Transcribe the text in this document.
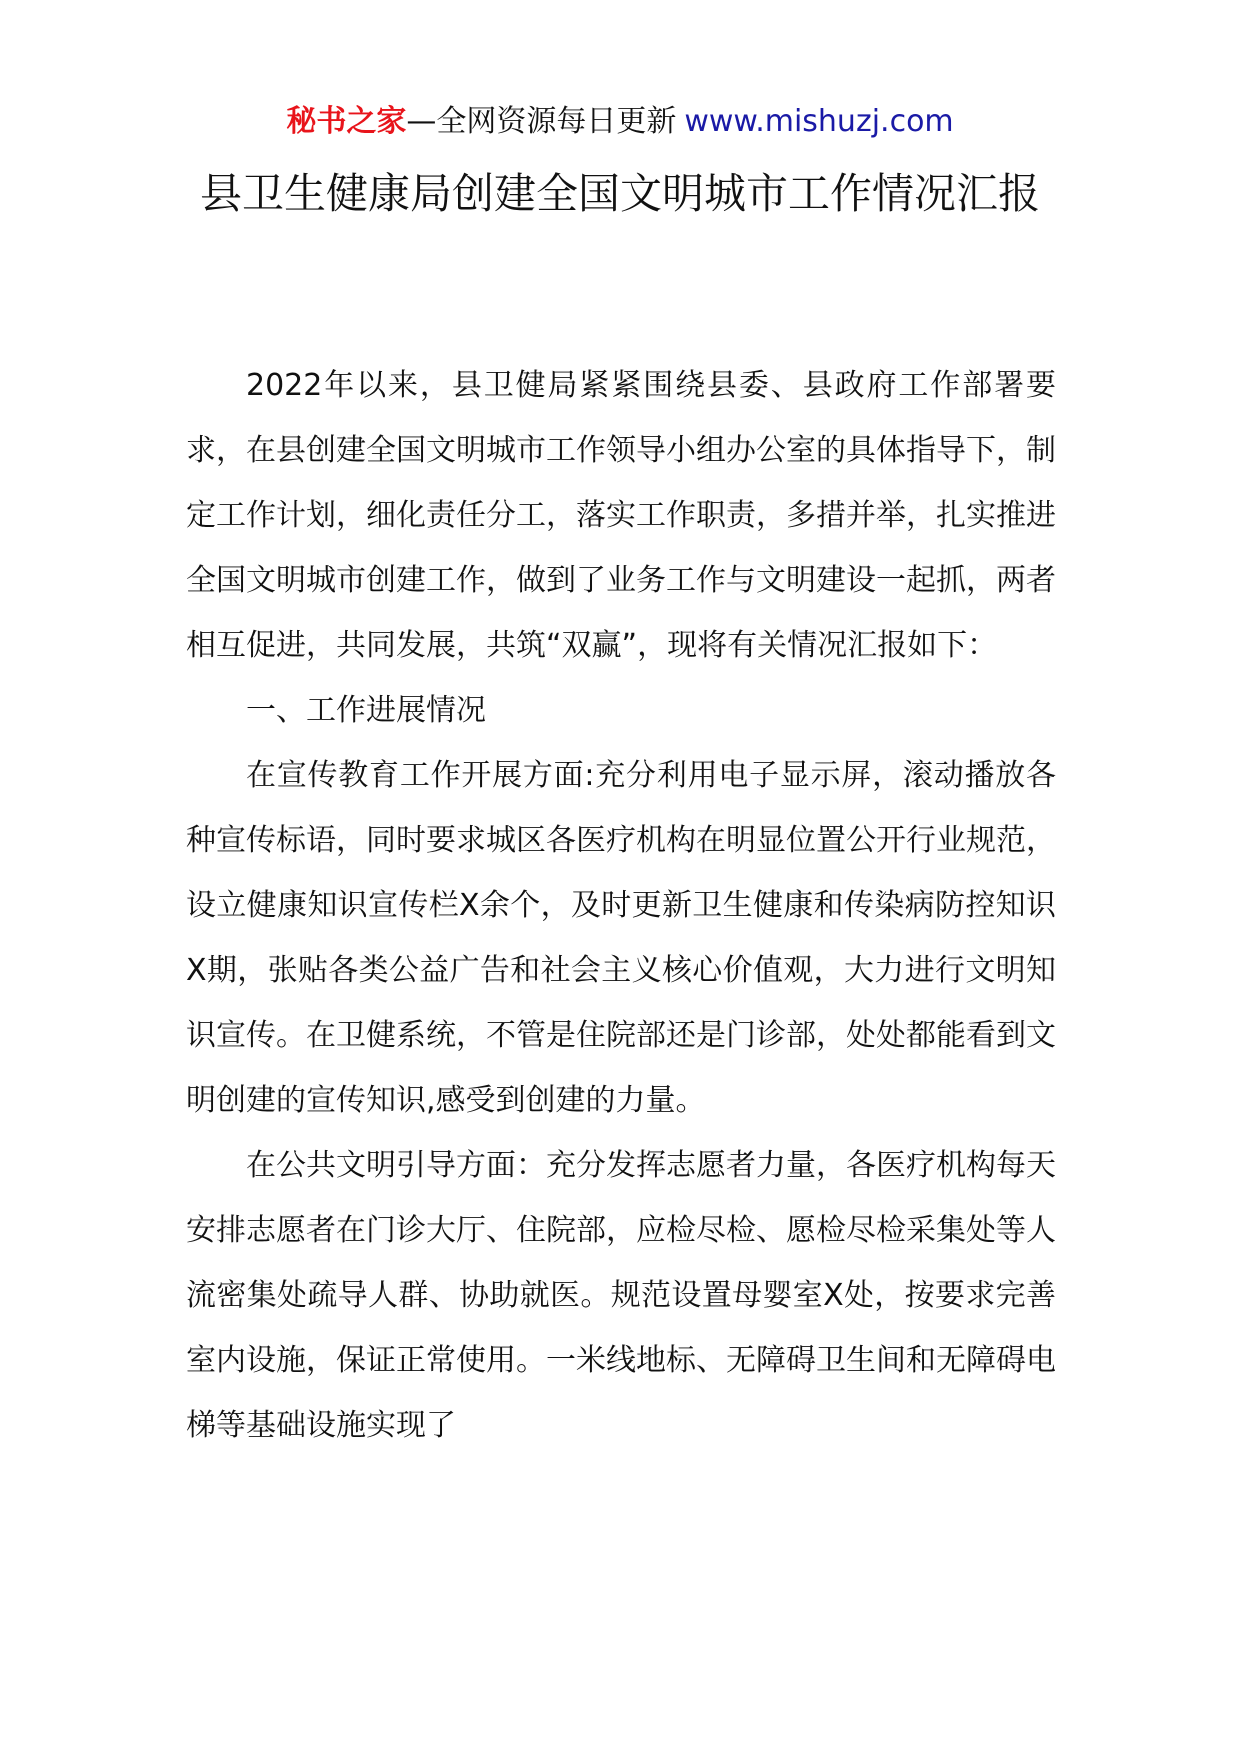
秘书之家—全网资源每日更新 www.mishuzj.com
县卫生健康局创建全国文明城市工作情况汇报

2022年以来，县卫健局紧紧围绕县委、县政府工作部署要求，在县创建全国文明城市工作领导小组办公室的具体指导下，制定工作计划，细化责任分工，落实工作职责，多措并举，扎实推进全国文明城市创建工作，做到了业务工作与文明建设一起抓，两者相互促进，共同发展，共筑“双赢”，现将有关情况汇报如下：

一、工作进展情况

在宣传教育工作开展方面:充分利用电子显示屏，滚动播放各种宣传标语，同时要求城区各医疗机构在明显位置公开行业规范，设立健康知识宣传栏X余个，及时更新卫生健康和传染病防控知识X期，张贴各类公益广告和社会主义核心价值观，大力进行文明知识宣传。在卫健系统，不管是住院部还是门诊部，处处都能看到文明创建的宣传知识,感受到创建的力量。

在公共文明引导方面：充分发挥志愿者力量，各医疗机构每天安排志愿者在门诊大厅、住院部，应检尽检、愿检尽检采集处等人流密集处疏导人群、协助就医。规范设置母婴室X处，按要求完善室内设施，保证正常使用。一米线地标、无障碍卫生间和无障碍电梯等基础设施实现了
